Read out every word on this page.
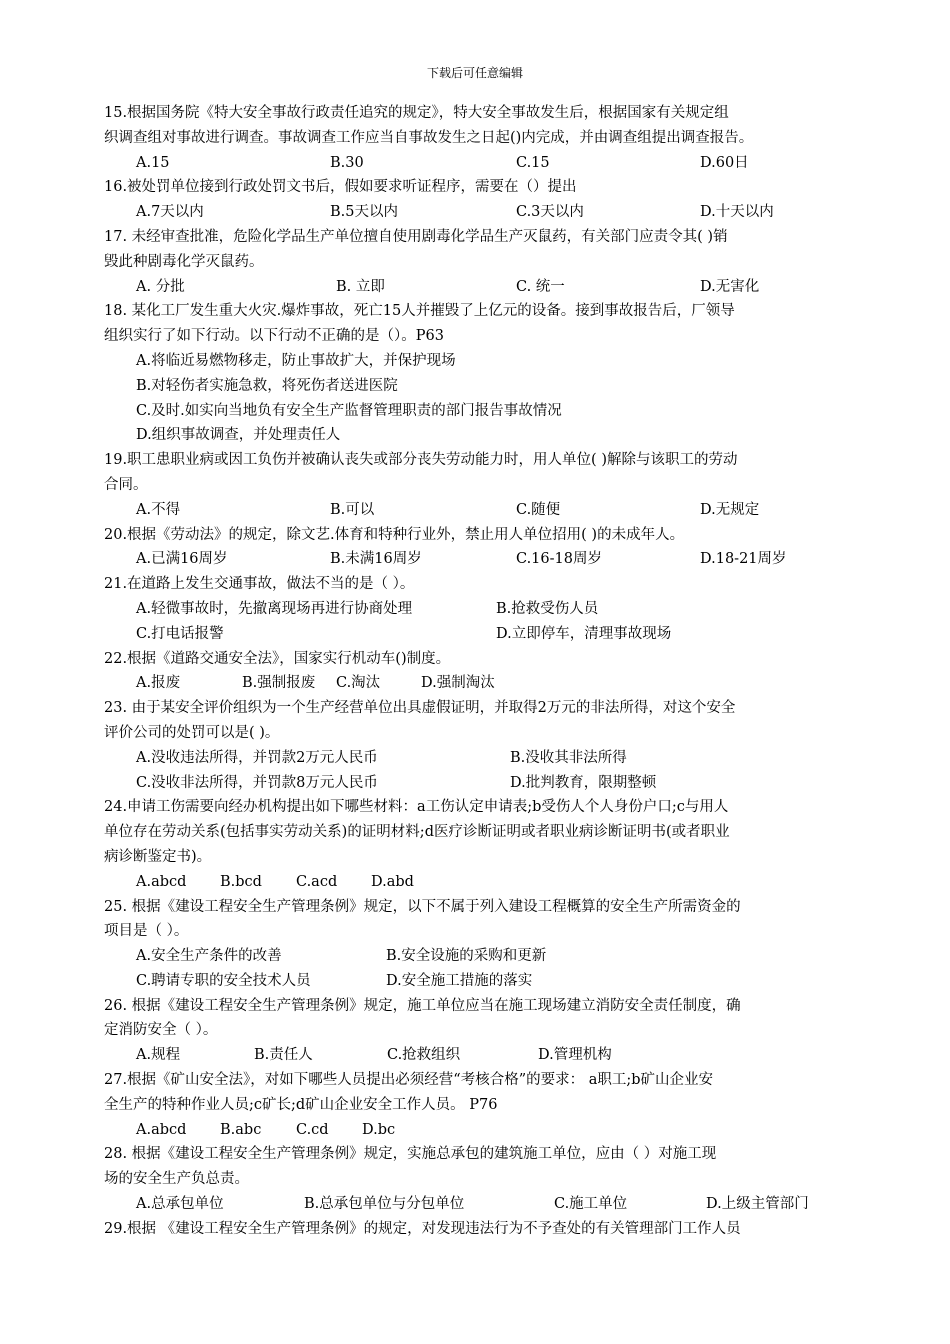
下载后可任意编辑
15.根据国务院《特大安全事故行政责任追究的规定》，特大安全事故发生后，根据国家有关规定组
织调查组对事故进行调查。事故调查工作应当自事故发生之日起()内完成，并由调查组提出调查报告。
A.15	B.30	C.15	D.60日
16.被处罚单位接到行政处罚文书后，假如要求听证程序，需要在（）提出
A.7天以内	B.5天以内	C.3天以内	D.十天以内
17. 未经审查批准，危险化学品生产单位擅自使用剧毒化学品生产灭鼠药，有关部门应责令其( )销
毁此种剧毒化学灭鼠药。
A. 分批	B. 立即	C. 统一	D.无害化
18. 某化工厂发生重大火灾.爆炸事故，死亡15人并摧毁了上亿元的设备。接到事故报告后，厂领导
组织实行了如下行动。以下行动不正确的是（）。P63
A.将临近易燃物移走，防止事故扩大，并保护现场
B.对轻伤者实施急救，将死伤者送进医院
C.及时.如实向当地负有安全生产监督管理职责的部门报告事故情况
D.组织事故调查，并处理责任人
19.职工患职业病或因工负伤并被确认丧失或部分丧失劳动能力时，用人单位( )解除与该职工的劳动
合同。
A.不得	B.可以	C.随便	D.无规定
20.根据《劳动法》的规定，除文艺.体育和特种行业外，禁止用人单位招用( )的未成年人。
A.已满16周岁	B.未满16周岁	C.16-18周岁	D.18-21周岁
21.在道路上发生交通事故，做法不当的是（ ）。
A.轻微事故时，先撤离现场再进行协商处理	B.抢救受伤人员
C.打电话报警	D.立即停车，清理事故现场
22.根据《道路交通安全法》，国家实行机动车()制度。
A.报废	B.强制报废 C.淘汰	D.强制淘汰
23. 由于某安全评价组织为一个生产经营单位出具虚假证明，并取得2万元的非法所得，对这个安全
评价公司的处罚可以是( )。
A.没收违法所得，并罚款2万元人民币	B.没收其非法所得
C.没收非法所得，并罚款8万元人民币	D.批判教育，限期整顿
24.申请工伤需要向经办机构提出如下哪些材料：a工伤认定申请表;b受伤人个人身份户口;c与用人
单位存在劳动关系(包括事实劳动关系)的证明材料;d医疗诊断证明或者职业病诊断证明书(或者职业
病诊断鉴定书)。
A.abcd B.bcd C.acd D.abd
25. 根据《建设工程安全生产管理条例》规定，以下不属于列入建设工程概算的安全生产所需资金的
项目是（ ）。
A.安全生产条件的改善	B.安全设施的采购和更新
C.聘请专职的安全技术人员	D.安全施工措施的落实
26. 根据《建设工程安全生产管理条例》规定，施工单位应当在施工现场建立消防安全责任制度，确
定消防安全（ ）。
A.规程	B.责任人	C.抢救组织	D.管理机构
27.根据《矿山安全法》，对如下哪些人员提出必须经营“考核合格”的要求： a职工;b矿山企业安
全生产的特种作业人员;c矿长;d矿山企业安全工作人员。 P76
A.abcd B.abc C.cd D.bc
28. 根据《建设工程安全生产管理条例》规定，实施总承包的建筑施工单位，应由（ ）对施工现
场的安全生产负总责。
A.总承包单位	B.总承包单位与分包单位	C.施工单位	D.上级主管部门
29.根据 《建设工程安全生产管理条例》的规定，对发现违法行为不予查处的有关管理部门工作人员
